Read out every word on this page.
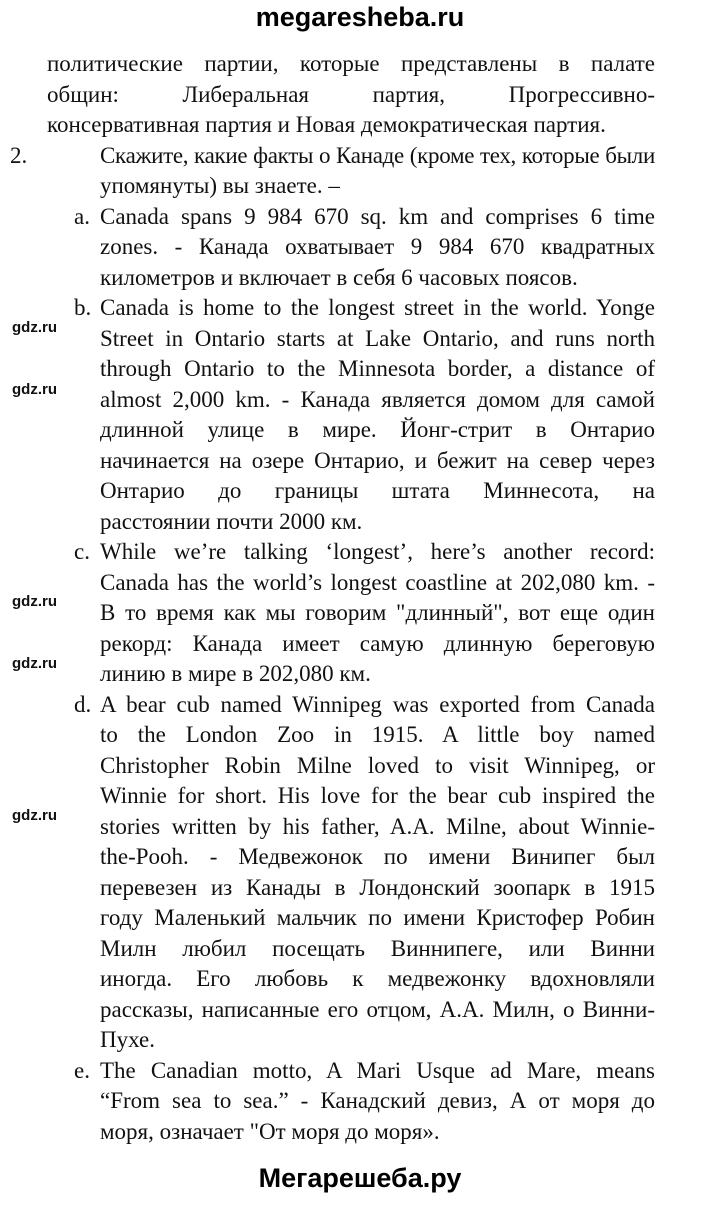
megaresheba.ru
политические партии, которые представлены в палате
общин: Либеральная партия, Прогрессивно-
консервативная партия и Новая демократическая партия.
2.	Скажите, какие факты о Канаде (кроме тех, которые были
упомянуты) вы знаете. –
a. Canada spans 9 984 670 sq. km and comprises 6 time
zones. - Канада охватывает 9 984 670 квадратных
километров и включает в себя 6 часовых поясов.
b. Canada is home to the longest street in the world. Yonge
Street in Ontario starts at Lake Ontario, and runs north
through Ontario to the Minnesota border, a distance of
almost 2,000 km. - Канада является домом для самой
длинной улице в мире. Йонг-стрит в Онтарио
начинается на озере Онтарио, и бежит на север через
Онтарио до границы штата Миннесота, на
расстоянии почти 2000 км.
c. While we’re talking ‘longest’, here’s another record:
Canada has the world’s longest coastline at 202,080 km. -
В то время как мы говорим "длинный", вот еще один
рекорд: Канада имеет самую длинную береговую
линию в мире в 202,080 км.
d. A bear cub named Winnipeg was exported from Canada
to the London Zoo in 1915. A little boy named
Christopher Robin Milne loved to visit Winnipeg, or
Winnie for short. His love for the bear cub inspired the
stories written by his father, A.A. Milne, about Winnie-
the-Pooh. - Медвежонок по имени Винипег был
перевезен из Канады в Лондонский зоопарк в 1915
году Маленький мальчик по имени Кристофер Робин
Милн любил посещать Виннипеге, или Винни
иногда. Его любовь к медвежонку вдохновляли
рассказы, написанные его отцом, А.А. Милн, о Винни-
Пухе.
e. The Canadian motto, A Mari Usque ad Mare, means
“From sea to sea.” - Канадский девиз, А от моря до
моря, означает "От моря до моря».
Мегарешеба.ру
gdz.ru
gdz.ru
gdz.ru
gdz.ru
gdz.ru
